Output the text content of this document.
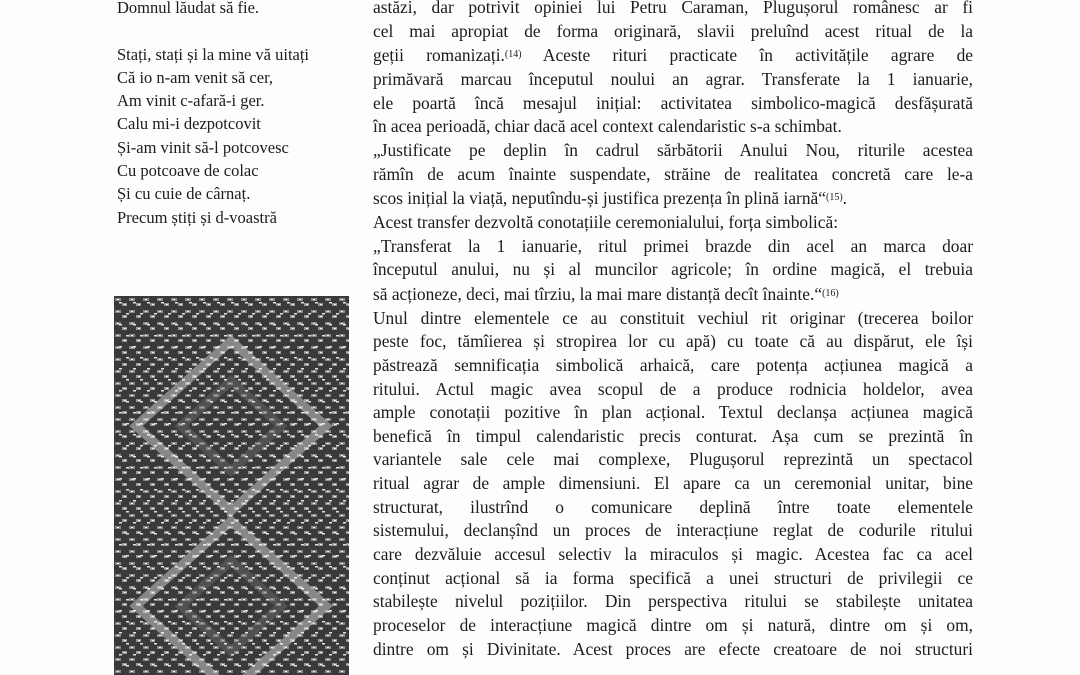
Domnul lăudat să fie.
Stați, stați și la mine vă uitați
Că io n-am venit să cer,
Am vinit c-afară-i ger.
Calu mi-i dezpotcovit
Și-am vinit să-l potcovesc
Cu potcoave de colac
Și cu cuie de cârnaț.
Precum știți și d-voastră
astăzi, dar potrivit opiniei lui Petru Caraman, Plugușorul românesc ar fi
cel mai apropiat de forma originară, slavii preluînd acest ritual de la
geții romanizați.$^{(14)}$ Aceste rituri practicate în activitățile agrare de
primăvară marcau începutul noului an agrar. Transferate la 1 ianuarie,
ele poartă încă mesajul inițial: activitatea simbolico-magică desfășurată
în acea perioadă, chiar dacă acel context calendaristic s-a schimbat.
„Justificate pe deplin în cadrul sărbătorii Anului Nou, riturile acestea
rămîn de acum înainte suspendate, străine de realitatea concretă care le-a
scos inițial la viață, neputîndu-și justifica prezența în plină iarnă“$^{(15)}$.
Acest transfer dezvoltă conotațiile ceremonialului, forța simbolică:
„Transferat la 1 ianuarie, ritul primei brazde din acel an marca doar
începutul anului, nu și al muncilor agricole; în ordine magică, el trebuia
să acționeze, deci, mai tîrziu, la mai mare distanță decît înainte.“$^{(16)}$
Unul dintre elementele ce au constituit vechiul rit originar (trecerea boilor
peste foc, tămîierea și stropirea lor cu apă) cu toate că au dispărut, ele își
păstrează semnificația simbolică arhaică, care potența acțiunea magică a
ritului. Actul magic avea scopul de a produce rodnicia holdelor, avea
ample conotații pozitive în plan acțional. Textul declanșa acțiunea magică
benefică în timpul calendaristic precis conturat. Așa cum se prezintă în
variantele sale cele mai complexe, Plugușorul reprezintă un spectacol
ritual agrar de ample dimensiuni. El apare ca un ceremonial unitar, bine
structurat, ilustrînd o comunicare deplină între toate elementele
sistemului, declanșînd un proces de interacțiune reglat de codurile ritului
care dezvăluie accesul selectiv la miraculos și magic. Acestea fac ca acel
conținut acțional să ia forma specifică a unei structuri de privilegii ce
stabilește nivelul pozițiilor. Din perspectiva ritului se stabilește unitatea
proceselor de interacțiune magică dintre om și natură, dintre om și om,
dintre om și Divinitate. Acest proces are efecte creatoare de noi structuri
